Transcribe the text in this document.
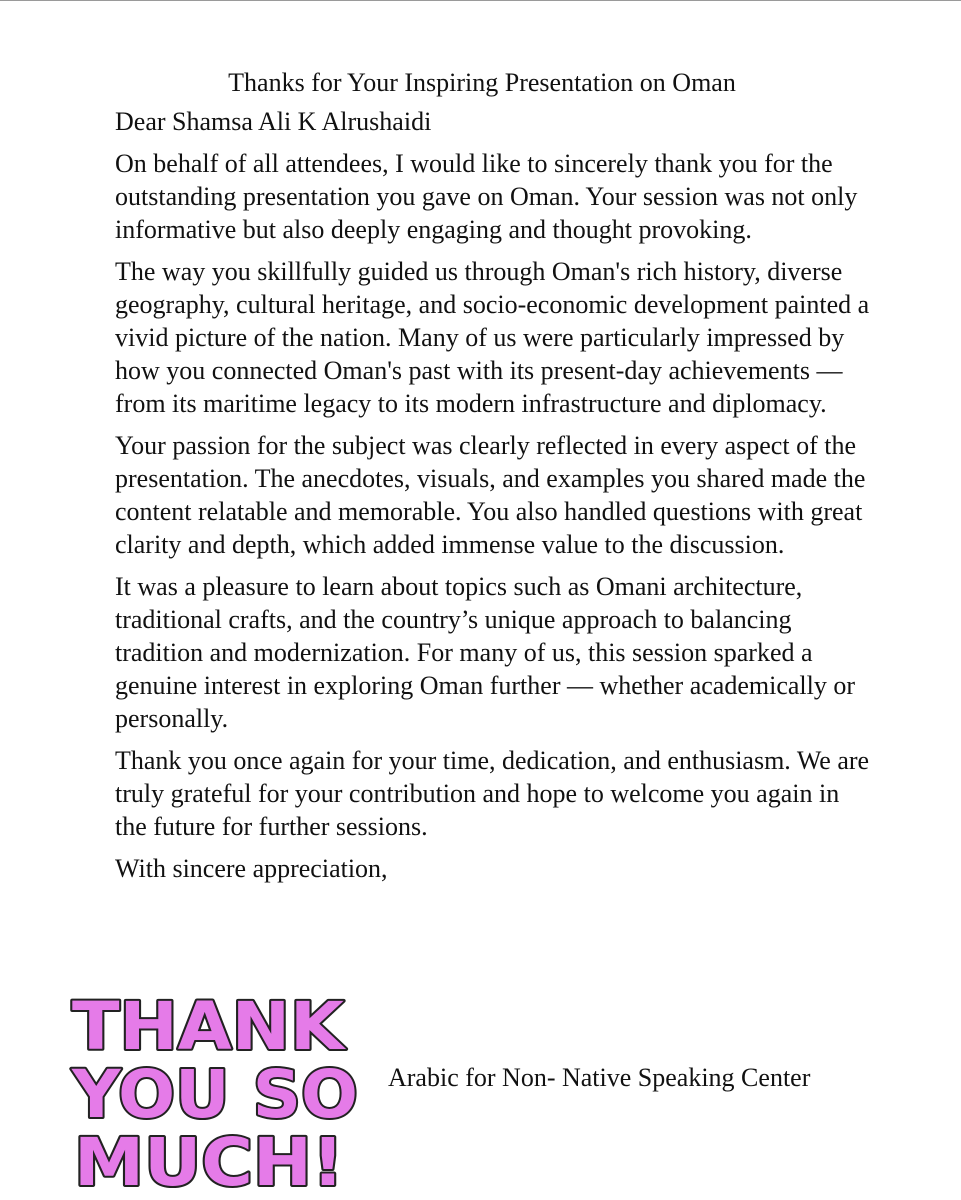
Thanks for Your Inspiring Presentation on Oman
Dear Shamsa Ali K Alrushaidi

On behalf of all attendees, I would like to sincerely thank you for the outstanding presentation you gave on Oman. Your session was not only informative but also deeply engaging and thought provoking.

The way you skillfully guided us through Oman's rich history, diverse geography, cultural heritage, and socio-economic development painted a vivid picture of the nation. Many of us were particularly impressed by how you connected Oman's past with its present-day achievements — from its maritime legacy to its modern infrastructure and diplomacy.

Your passion for the subject was clearly reflected in every aspect of the presentation. The anecdotes, visuals, and examples you shared made the content relatable and memorable. You also handled questions with great clarity and depth, which added immense value to the discussion.

It was a pleasure to learn about topics such as Omani architecture, traditional crafts, and the country’s unique approach to balancing tradition and modernization. For many of us, this session sparked a genuine interest in exploring Oman further — whether academically or personally.

Thank you once again for your time, dedication, and enthusiasm. We are truly grateful for your contribution and hope to welcome you again in the future for further sessions.

With sincere appreciation,

THANK
YOU SO
MUCH!
Arabic for Non- Native Speaking Center
